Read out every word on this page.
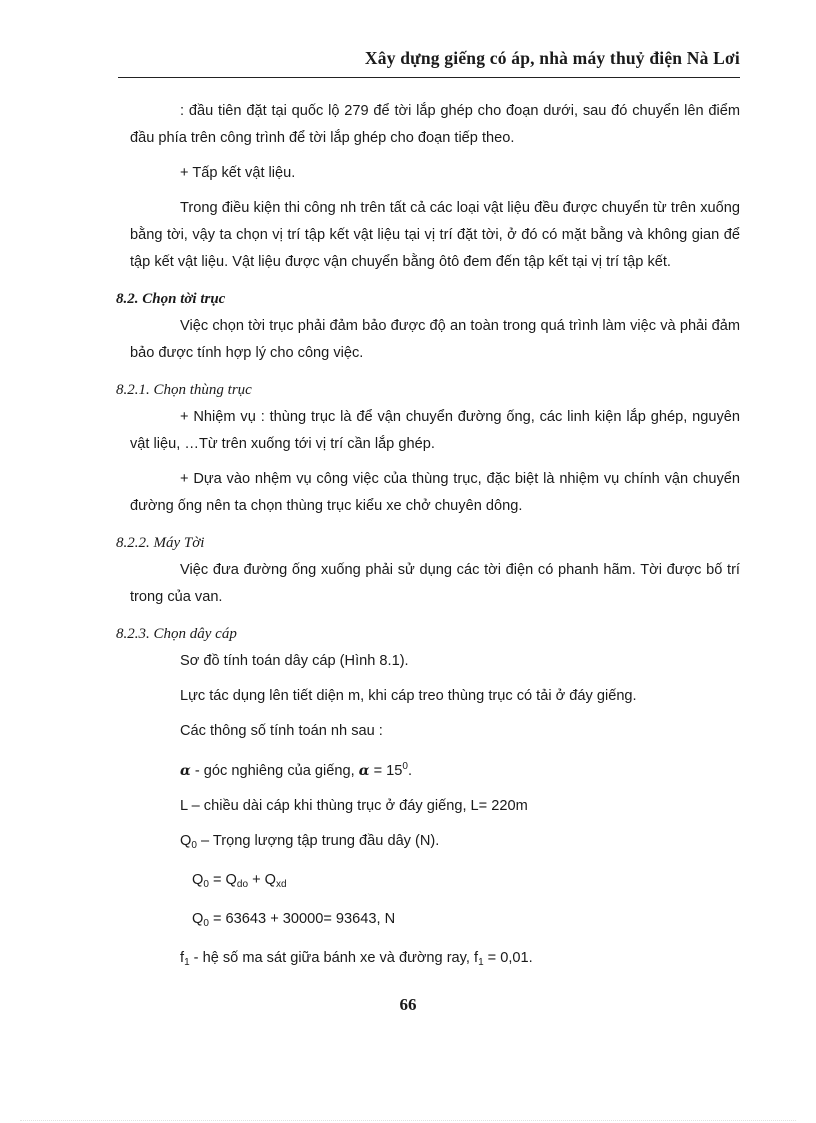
Xây dựng giếng có áp, nhà máy thuỷ điện Nà Lơi

: đầu tiên đặt tại quốc lộ 279 để tời lắp ghép cho đoạn dưới, sau đó chuyển lên điểm đầu phía trên công trình để tời lắp ghép cho đoạn tiếp theo.

+ Tấp kết vật liệu.

Trong điều kiện thi công nh trên tất cả các loại vật liệu đều được chuyển từ trên xuống bằng tời, vậy ta chọn vị trí tập kết vật liệu tại vị trí đặt tời, ở đó có mặt bằng và không gian để tập kết vật liệu. Vật liệu được vận chuyển bằng ôtô đem đến tập kết tại vị trí tập kết.

8.2. Chọn tời trục

Việc chọn tời trục phải đảm bảo được độ an toàn trong quá trình làm việc và phải đảm bảo được tính hợp lý cho công việc.

8.2.1. Chọn thùng trục

+ Nhiệm vụ : thùng trục là để vận chuyển đường ống, các linh kiện lắp ghép, nguyên vật liệu, …Từ trên xuống tới vị trí cần lắp ghép.

+ Dựa vào nhệm vụ công việc của thùng trục, đặc biệt là nhiệm vụ chính vận chuyển đường ống nên ta chọn thùng trục kiểu xe chở chuyên dông.

8.2.2. Máy Tời

Việc đưa đường ống xuống phải sử dụng các tời điện có phanh hãm. Tời được bố trí trong của van.

8.2.3. Chọn dây cáp

Sơ đồ tính toán dây cáp (Hình 8.1).

Lực tác dụng lên tiết diện m, khi cáp treo thùng trục có tải ở đáy giếng.

Các thông số tính toán nh sau :

α - góc nghiêng của giếng, $\alpha = 15^0$.

L – chiều dài cáp khi thùng trục ở đáy giếng, L= 220m

$Q_0$ – Trọng lượng tập trung đầu dây (N).

$Q_0 = Q_{do} + Q_{xd}$

$Q_0 = 63643 + 30000= 93643$, N

$f_1$ - hệ số ma sát giữa bánh xe và đường ray, $f_1 = 0,01$.

66
